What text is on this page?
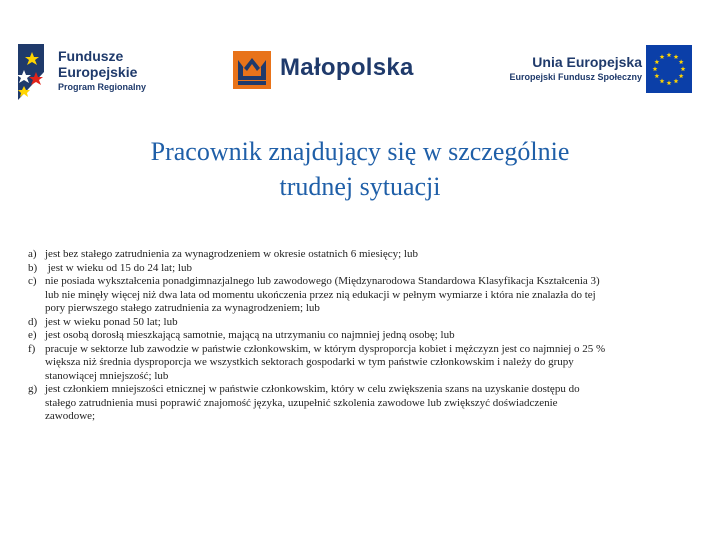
Fundusze
Europejskie
Program Regionalny
Małopolska	Unia Europejska
Europejski Fundusz Społeczny
Pracownik znajdujący się w szczególnie
trudnej sytuacji
a) jest bez stałego zatrudnienia za wynagrodzeniem w okresie ostatnich 6 miesięcy; lub
b) jest w wieku od 15 do 24 lat; lub
c) nie posiada wykształcenia ponadgimnazjalnego lub zawodowego (Międzynarodowa Standardowa Klasyfikacja Kształcenia 3)
lub nie minęły więcej niż dwa lata od momentu ukończenia przez nią edukacji w pełnym wymiarze i która nie znalazła do tej
pory pierwszego stałego zatrudnienia za wynagrodzeniem; lub
d) jest w wieku ponad 50 lat; lub
e) jest osobą dorosłą mieszkającą samotnie, mającą na utrzymaniu co najmniej jedną osobę; lub
f) pracuje w sektorze lub zawodzie w państwie członkowskim, w którym dysproporcja kobiet i mężczyzn jest co najmniej o 25 %
większa niż średnia dysproporcja we wszystkich sektorach gospodarki w tym państwie członkowskim i należy do grupy
stanowiącej mniejszość; lub
g) jest członkiem mniejszości etnicznej w państwie członkowskim, który w celu zwiększenia szans na uzyskanie dostępu do
stałego zatrudnienia musi poprawić znajomość języka, uzupełnić szkolenia zawodowe lub zwiększyć doświadczenie
zawodowe;
